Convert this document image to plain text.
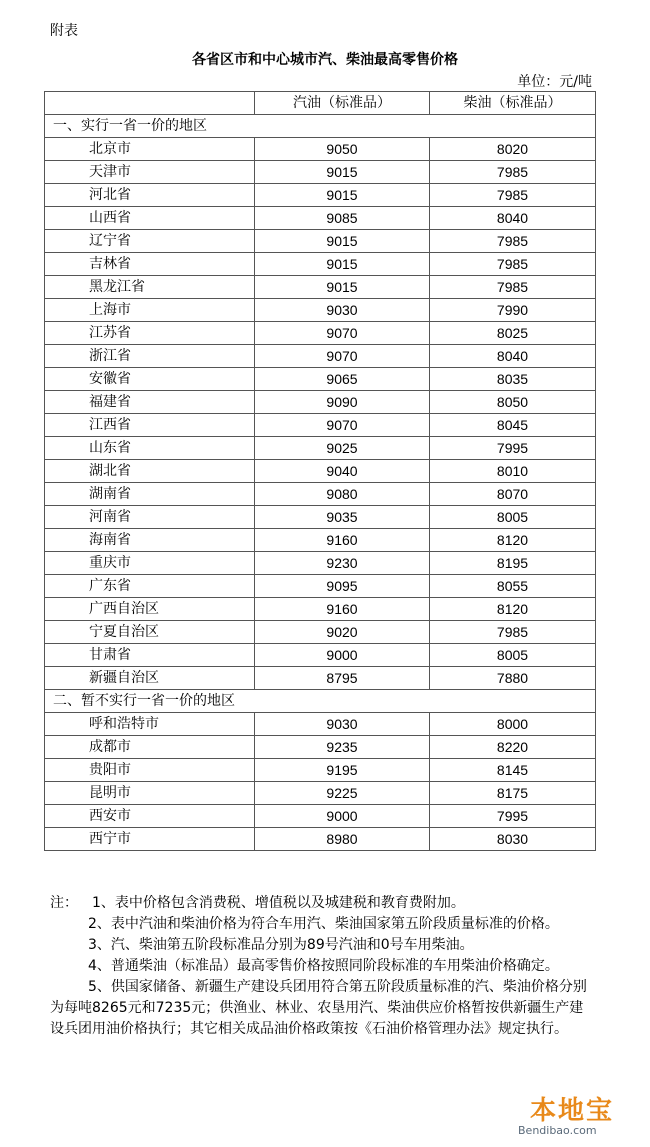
附表
各省区市和中心城市汽、柴油最高零售价格
单位：元/吨
	汽油（标准品）	柴油（标准品）
一、实行一省一价的地区		
北京市	9050	8020
天津市	9015	7985
河北省	9015	7985
山西省	9085	8040
辽宁省	9015	7985
吉林省	9015	7985
黑龙江省	9015	7985
上海市	9030	7990
江苏省	9070	8025
浙江省	9070	8040
安徽省	9065	8035
福建省	9090	8050
江西省	9070	8045
山东省	9025	7995
湖北省	9040	8010
湖南省	9080	8070
河南省	9035	8005
海南省	9160	8120
重庆市	9230	8195
广东省	9095	8055
广西自治区	9160	8120
宁夏自治区	9020	7985
甘肃省	9000	8005
新疆自治区	8795	7880
二、暂不实行一省一价的地区		
呼和浩特市	9030	8000
成都市	9235	8220
贵阳市	9195	8145
昆明市	9225	8175
西安市	9000	7995
西宁市	8980	8030
注：	1、表中价格包含消费税、增值税以及城建税和教育费附加。

2、表中汽油和柴油价格为符合车用汽、柴油国家第五阶段质量标准的价格。

3、汽、柴油第五阶段标准品分别为89号汽油和0号车用柴油。

4、普通柴油（标准品）最高零售价格按照同阶段标准的车用柴油价格确定。

5、供国家储备、新疆生产建设兵团用符合第五阶段质量标准的汽、柴油价格分别为每吨8265元和7235元；供渔业、林业、农垦用汽、柴油供应价格暂按供新疆生产建设兵团用油价格执行；其它相关成品油价格政策按《石油价格管理办法》规定执行。

本地宝
Bendibao.com
